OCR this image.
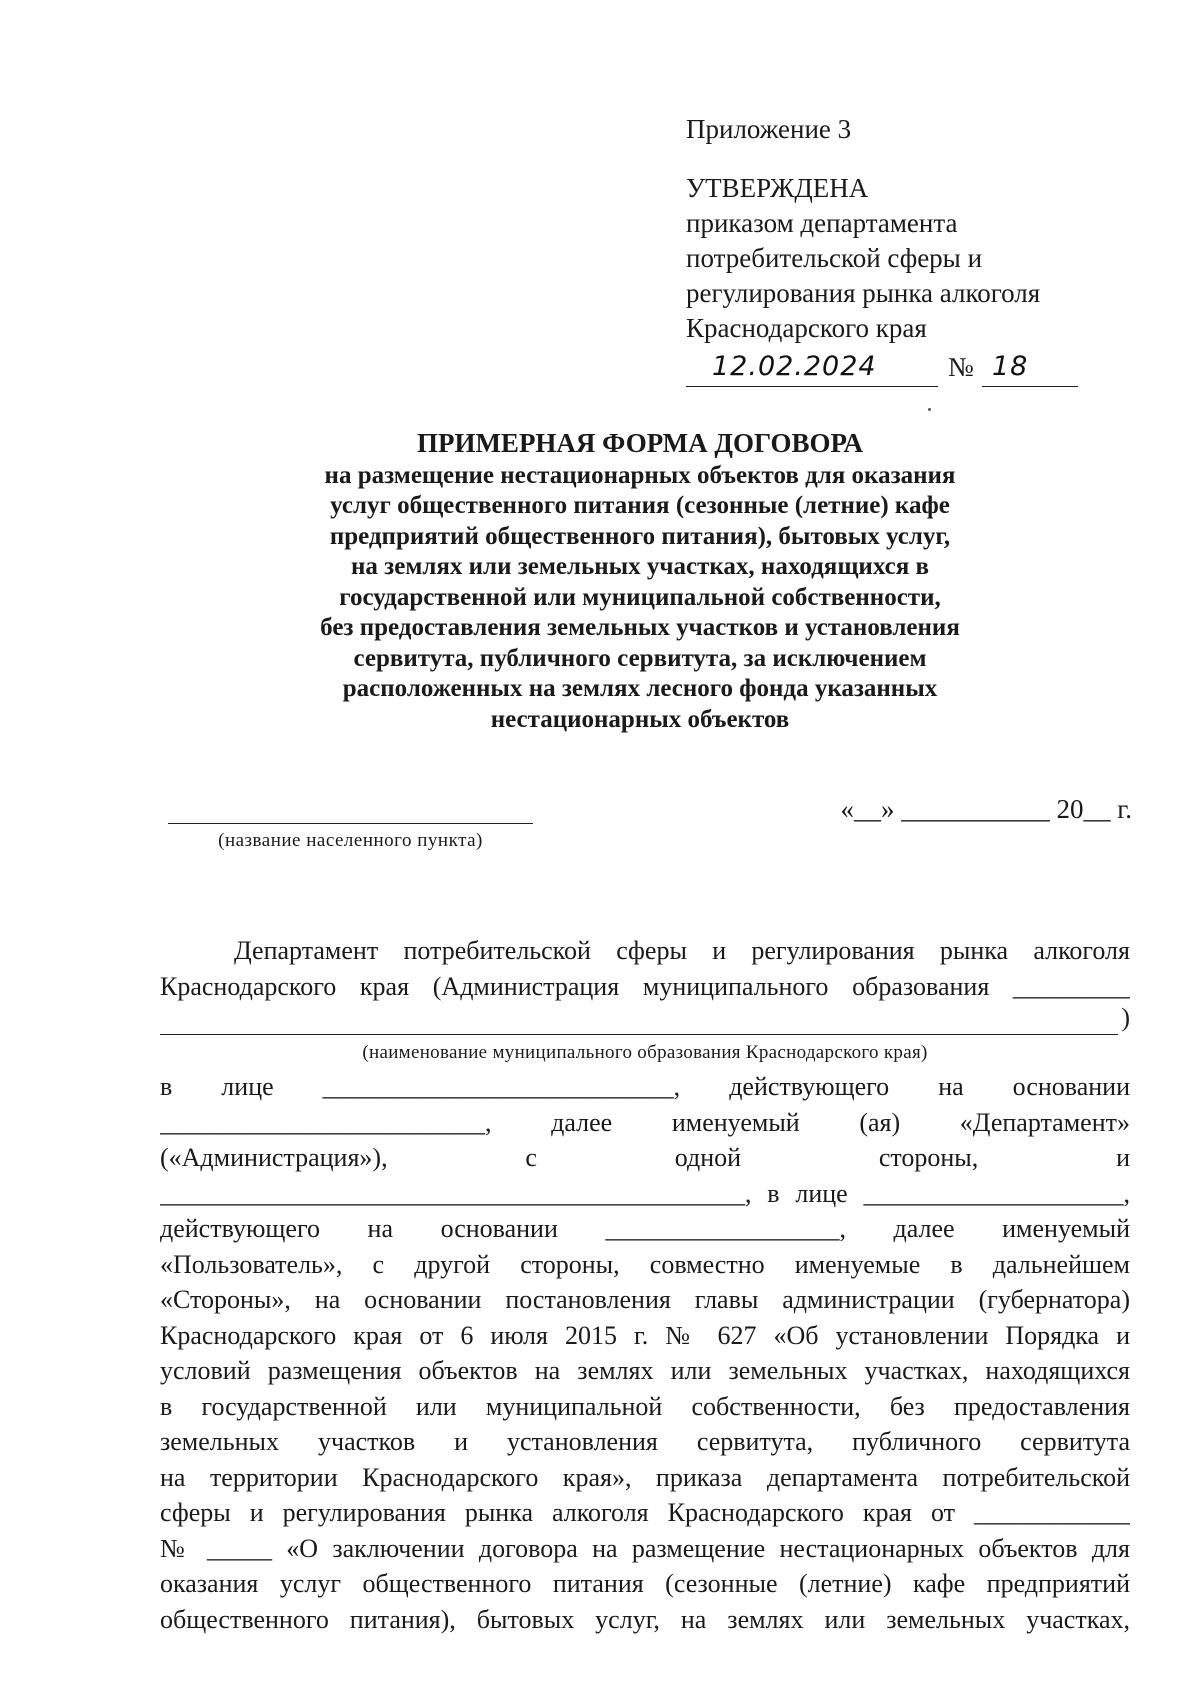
Приложение 3
УТВЕРЖДЕНА
приказом департамента
потребительской сферы и
регулирования рынка алкоголя
Краснодарского края
12.02.2024	№ 18
ПРИМЕРНАЯ ФОРМА ДОГОВОРА
на размещение нестационарных объектов для оказания
услуг общественного питания (сезонные (летние) кафе
предприятий общественного питания), бытовых услуг,
на землях или земельных участках, находящихся в
государственной или муниципальной собственности,
без предоставления земельных участков и установления
сервитута, публичного сервитута, за исключением
расположенных на землях лесного фонда указанных
нестационарных объектов
(название населенного пункта)
«__» ___________ 20__ г.
Департамент потребительской сферы и регулирования рынка алкоголя
Краснодарского края (Администрация муниципального образования _________
)
(наименование муниципального образования Краснодарского края)
в лице ___________________________, действующего на основании
_________________________, далее именуемый (ая) «Департамент»
(«Администрация»), с одной стороны, и
_____________________________________________, в лице ____________________,
действующего на основании __________________, далее именуемый
«Пользователь», с другой стороны, совместно именуемые в дальнейшем
«Стороны», на основании постановления главы администрации (губернатора)
Краснодарского края от 6 июля 2015 г. № 627 «Об установлении Порядка и
условий размещения объектов на землях или земельных участках, находящихся
в государственной или муниципальной собственности, без предоставления
земельных участков и установления сервитута, публичного сервитута
на территории Краснодарского края», приказа департамента потребительской
сферы и регулирования рынка алкоголя Краснодарского края от ____________
№ _____ «О заключении договора на размещение нестационарных объектов для
оказания услуг общественного питания (сезонные (летние) кафе предприятий
общественного питания), бытовых услуг, на землях или земельных участках,
